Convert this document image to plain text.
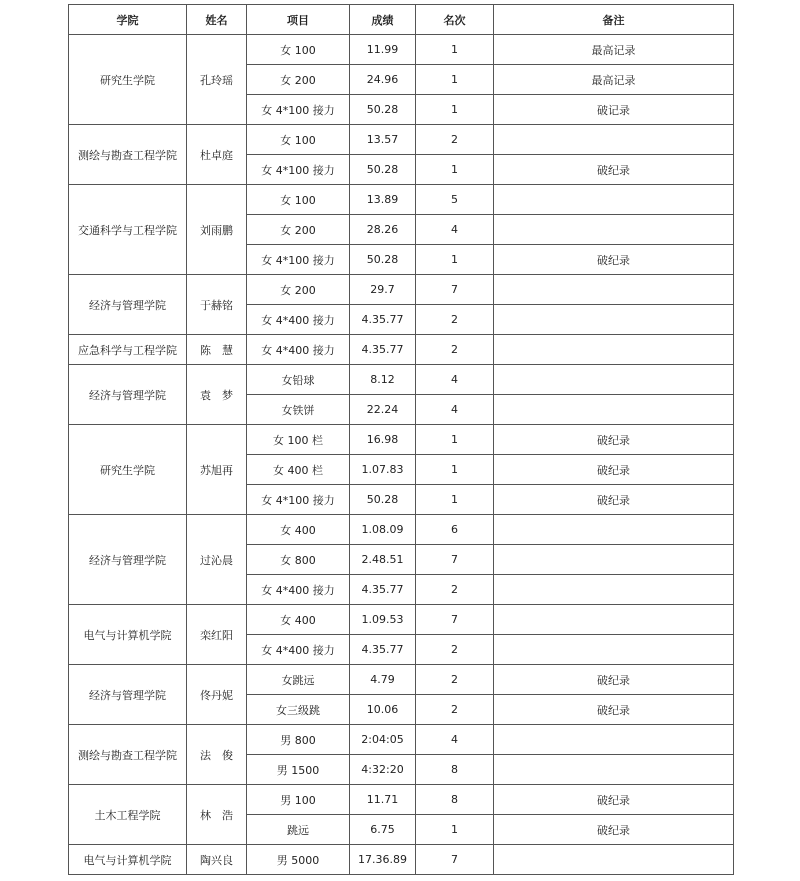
学院	姓名	项目	成绩	名次	备注
研究生学院	孔玲瑶	女 100	11.99	1	最高记录
		女 200	24.96	1	最高记录
		女 4*100 接力	50.28	1	破记录
测绘与勘查工程学院	杜卓庭	女 100	13.57	2	
		女 4*100 接力	50.28	1	破纪录
交通科学与工程学院	刘雨鹏	女 100	13.89	5	
		女 200	28.26	4	
		女 4*100 接力	50.28	1	破纪录
经济与管理学院	于赫铭	女 200	29.7	7	
		女 4*400 接力	4.35.77	2	
应急科学与工程学院	陈　慧	女 4*400 接力	4.35.77	2	
经济与管理学院	袁　梦	女铅球	8.12	4	
		女铁饼	22.24	4	
研究生学院	苏旭再	女 100 栏	16.98	1	破纪录
		女 400 栏	1.07.83	1	破纪录
		女 4*100 接力	50.28	1	破纪录
经济与管理学院	过沁晨	女 400	1.08.09	6	
		女 800	2.48.51	7	
		女 4*400 接力	4.35.77	2	
电气与计算机学院	栾红阳	女 400	1.09.53	7	
		女 4*400 接力	4.35.77	2	
经济与管理学院	佟丹妮	女跳远	4.79	2	破纪录
		女三级跳	10.06	2	破纪录
测绘与勘查工程学院	法　俊	男 800	2:04:05	4	
		男 1500	4:32:20	8	
土木工程学院	林　浩	男 100	11.71	8	破纪录
		跳远	6.75	1	破纪录
电气与计算机学院	陶兴良	男 5000	17.36.89	7	
